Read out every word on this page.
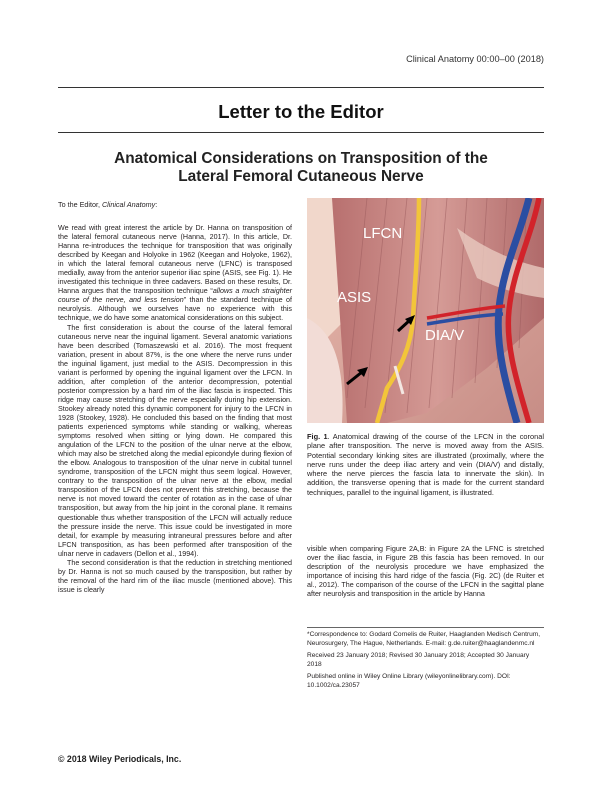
Clinical Anatomy 00:00–00 (2018)
Letter to the Editor
Anatomical Considerations on Transposition of the
Lateral Femoral Cutaneous Nerve
To the Editor, Clinical Anatomy:

We read with great interest the article by Dr. Hanna on transposition of the lateral femoral cutaneous nerve (Hanna, 2017). In this article, Dr. Hanna re-introduces the technique for transposition that was originally described by Keegan and Holyoke in 1962 (Keegan and Holyoke, 1962), in which the lateral femoral cutaneous nerve (LFNC) is transposed medially, away from the anterior superior iliac spine (ASIS, see Fig. 1). He investigated this technique in three cadavers. Based on these results, Dr. Hanna argues that the transposition technique “allows a much straighter course of the nerve, and less tension” than the standard technique of neurolysis. Although we ourselves have no experience with this technique, we do have some anatomical considerations on this subject.

The first consideration is about the course of the lateral femoral cutaneous nerve near the inguinal ligament. Several anatomic variations have been described (Tomaszewski et al. 2016). The most frequent variation, present in about 87%, is the one where the nerve runs under the inguinal ligament, just medial to the ASIS. Decompression in this variant is performed by opening the inguinal ligament over the LFCN. In addition, after completion of the anterior decompression, potential posterior compression by a hard rim of the iliac fascia is inspected. This ridge may cause stretching of the nerve especially during hip extension. Stookey already noted this dynamic component for injury to the LFCN in 1928 (Stookey, 1928). He concluded this based on the finding that most patients experienced symptoms while standing or walking, whereas symptoms resolved when sitting or lying down. He compared this angulation of the LFCN to the position of the ulnar nerve at the elbow, which may also be stretched along the medial epicondyle during flexion of the elbow. Analogous to transposition of the ulnar nerve in cubital tunnel syndrome, transposition of the LFCN might thus seem logical. However, contrary to the transposition of the ulnar nerve at the elbow, medial transposition of the LFCN does not prevent this stretching, because the nerve is not moved toward the center of rotation as in the case of ulnar transposition, but away from the hip joint in the coronal plane. It remains questionable thus whether transposition of the LFCN will actually reduce the pressure inside the nerve. This issue could be investigated in more detail, for example by measuring intraneural pressures before and after LFCN transposition, as has been performed after transposition of the ulnar nerve in cadavers (Dellon et al., 1994).

The second consideration is that the reduction in stretching mentioned by Dr. Hanna is not so much caused by the transposition, but rather by the removal of the hard rim of the iliac muscle (mentioned above). This issue is clearly

LFCN
ASIS
DIA/V
Fig. 1. Anatomical drawing of the course of the LFCN in the coronal plane after transposition. The nerve is moved away from the ASIS. Potential secondary kinking sites are illustrated (proximally, where the nerve runs under the deep iliac artery and vein (DIA/V) and distally, where the nerve pierces the fascia lata to innervate the skin). In addition, the transverse opening that is made for the current standard techniques, parallel to the inguinal ligament, is illustrated.

visible when comparing Figure 2A,B: in Figure 2A the LFNC is stretched over the iliac fascia, in Figure 2B this fascia has been removed. In our description of the neurolysis procedure we have emphasized the importance of incising this hard ridge of the fascia (Fig. 2C) (de Ruiter et al., 2012). The comparison of the course of the LFCN in the sagittal plane after neurolysis and transposition in the article by Hanna

*Correspondence to: Godard Cornelis de Ruiter, Haaglanden Medisch Centrum, Neurosurgery, The Hague, Netherlands. E-mail: g.de.ruiter@haaglandenmc.nl

Received 23 January 2018; Revised 30 January 2018; Accepted 30 January 2018

Published online in Wiley Online Library (wileyonlinelibrary.com). DOI: 10.1002/ca.23057

© 2018 Wiley Periodicals, Inc.
